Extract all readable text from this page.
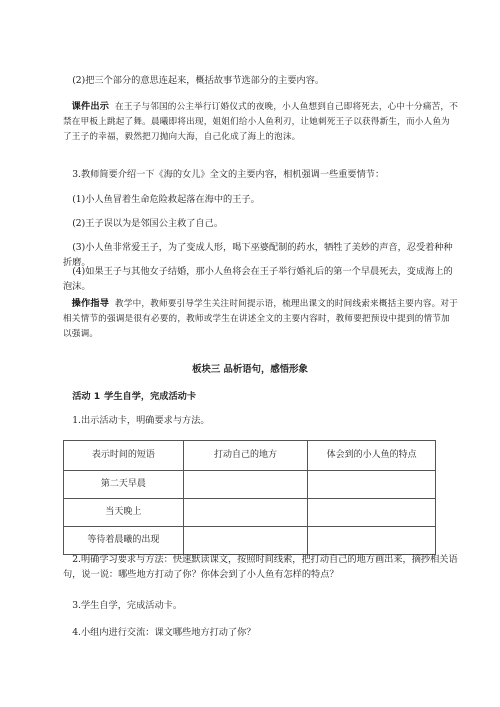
(2)把三个部分的意思连起来，概括故事节选部分的主要内容。

课件出示 在王子与邻国的公主举行订婚仪式的夜晚，小人鱼想到自己即将死去，心中十分痛苦，不禁在甲板上跳起了舞。晨曦即将出现，姐姐们给小人鱼利刃，让她刺死王子以获得新生，而小人鱼为了王子的幸福，毅然把刀抛向大海，自己化成了海上的泡沫。

3.教师简要介绍一下《海的女儿》全文的主要内容，相机强调一些重要情节：

(1)小人鱼冒着生命危险救起落在海中的王子。

(2)王子误以为是邻国公主救了自己。

(3)小人鱼非常爱王子，为了变成人形，喝下巫婆配制的药水，牺牲了美妙的声音，忍受着种种折磨。

(4)如果王子与其他女子结婚，那小人鱼将会在王子举行婚礼后的第一个早晨死去，变成海上的泡沫。

操作指导 教学中，教师要引导学生关注时间提示语，梳理出课文的时间线索来概括主要内容。对于相关情节的强调是很有必要的，教师或学生在讲述全文的主要内容时，教师要把预设中提到的情节加以强调。

板块三 品析语句，感悟形象

活动 1 学生自学，完成活动卡

1.出示活动卡，明确要求与方法。

表示时间的短语	打动自己的地方	体会到的小人鱼的特点
第二天早晨		
当天晚上		
等待着晨曦的出现		

2.明确学习要求与方法：快速默读课文，按照时间线索，把打动自己的地方画出来，摘抄相关语句，说一说：哪些地方打动了你？你体会到了小人鱼有怎样的特点？

3.学生自学，完成活动卡。

4.小组内进行交流：课文哪些地方打动了你？
